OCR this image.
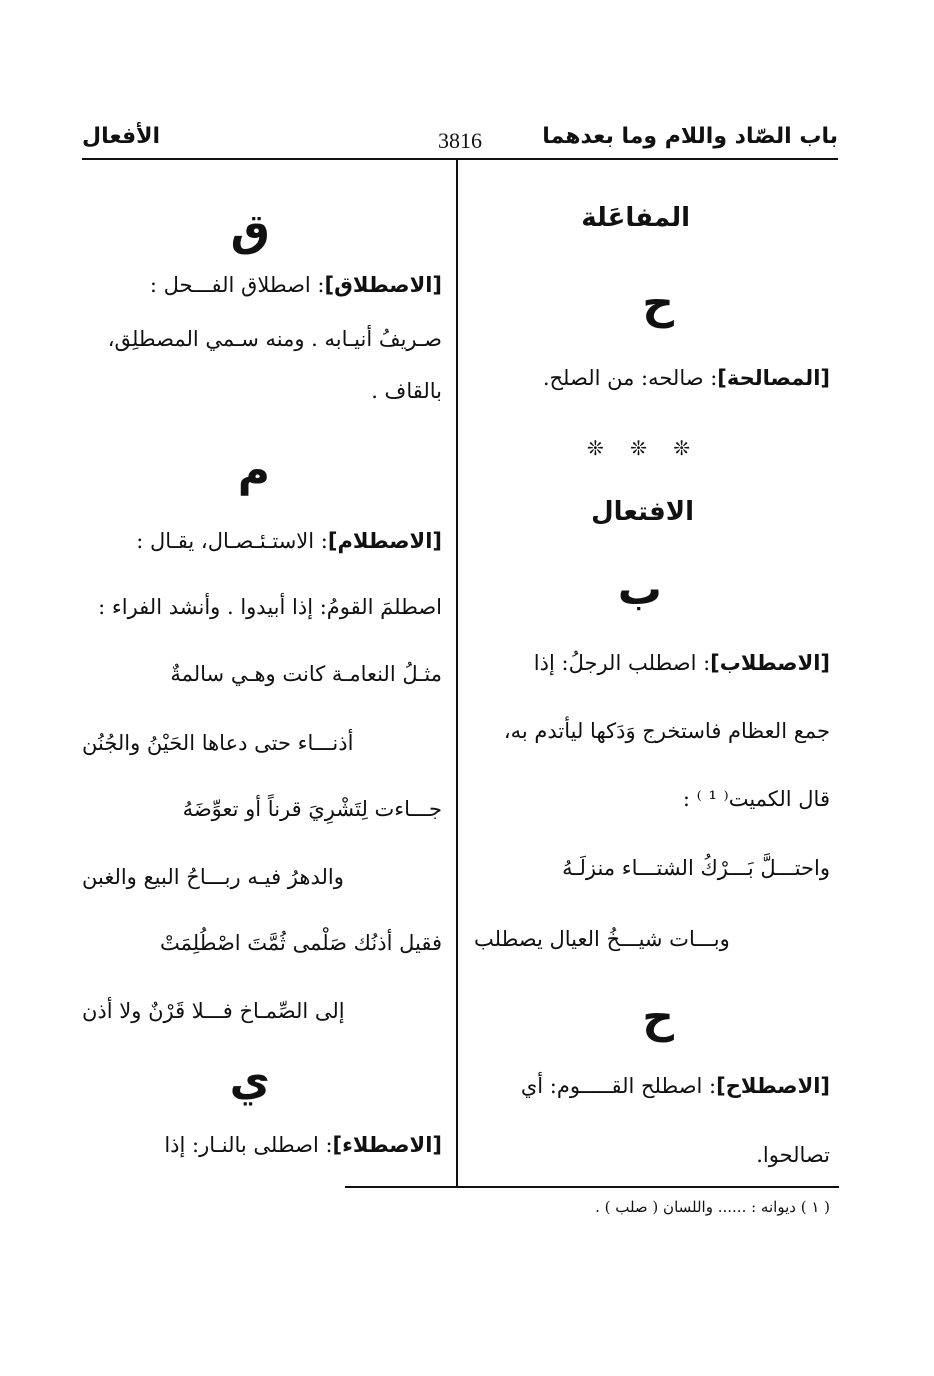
باب الصّاد واللام وما بعدهما
3816
الأفعال
المفاعَلة
ح
[المصالحة]: صالحه: من الصلح.
❊ ❊ ❊
الافتعال
ب
[الاصطلاب]: اصطلب الرجلُ: إذا
جمع العظام فاستخرج وَدَكها ليأتدم به،
قال الكميت⁽ ¹ ⁾ :
واحتـــلَّ بَـــرْكُ الشتـــاء منزلَـهُ
وبـــات شيـــخُ العيال يصطلب
ح
[الاصطلاح]: اصطلح القـــــوم: أي
تصالحوا.
ق
[الاصطلاق]: اصطلاق الفـــحل :
صـريفُ أنيـابه . ومنه سـمي المصطلِق،
بالقاف .
م
[الاصطلام]: الاستـئـصـال، يقـال :
اصطلمَ القومُ: إذا أبيدوا . وأنشد الفراء :
مثـلُ النعامـة كانت وهـي سالمةٌ
أذنـــاء حتى دعاها الحَيْنُ والجُنُن
جـــاءت لِتَشْرِيَ قرناً أو تعوِّضَهُ
والدهرُ فيـه ربـــاحُ البيع والغبن
فقيل أذنُك صَلْمى ثُمَّتَ اصْطُلِمَتْ
إلى الصِّمـاخ فـــلا قَرْنٌ ولا أذن
ي
[الاصطلاء]: اصطلى بالنـار: إذا
( ١ ) ديوانه : ...... واللسان ( صلب ) .
